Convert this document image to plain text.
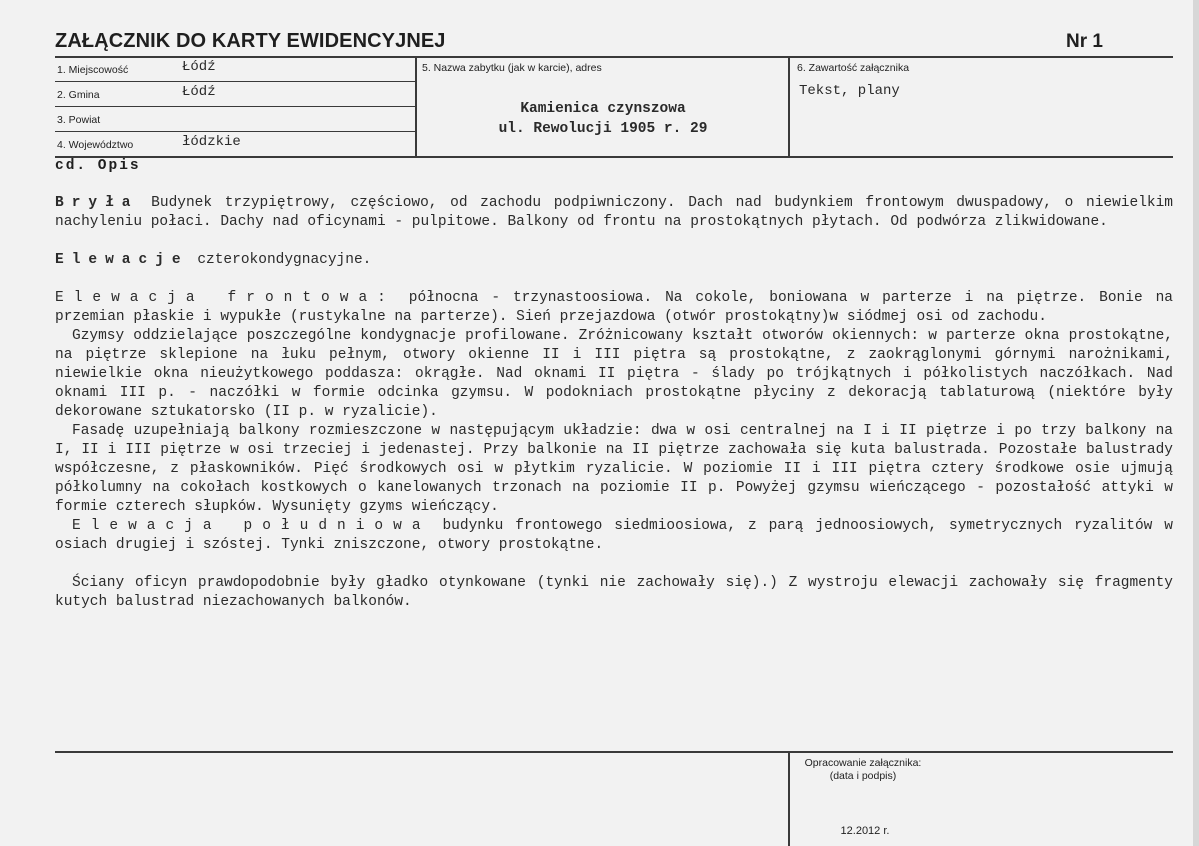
ZAŁĄCZNIK DO KARTY EWIDENCYJNEJ	Nr 1
1. Miejscowość	Łódź
2. Gmina	Łódź
3. Powiat
4. Województwo	łódzkie
5. Nazwa zabytku (jak w karcie), adres
Kamienica czynszowa
ul. Rewolucji 1905 r. 29
6. Zawartość załącznika
Tekst, plany
cd. Opis

Bryła Budynek trzypiętrowy, częściowo, od zachodu podpiwniczony. Dach nad budynkiem frontowym dwuspadowy, o niewielkim nachyleniu połaci. Dachy nad oficynami - pulpitowe. Balkony od frontu na prostokątnych płytach. Od podwórza zlikwidowane.

Elewacje czterokondygnacyjne.

Elewacja frontowa: północna - trzynastoosiowa. Na cokole, boniowana w parterze i na piętrze. Bonie na przemian płaskie i wypukłe (rustykalne na parterze). Sień przejazdowa (otwór prostokątny)w siódmej osi od zachodu.

Gzymsy oddzielające poszczególne kondygnacje profilowane. Zróżnicowany kształt otworów okiennych: w parterze okna prostokątne, na piętrze sklepione na łuku pełnym, otwory okienne II i III piętra są prostokątne, z zaokrąglonymi górnymi narożnikami, niewielkie okna nieużytkowego poddasza: okrągłe. Nad oknami II piętra - ślady po trójkątnych i półkolistych naczółkach. Nad oknami III p. - naczółki w formie odcinka gzymsu. W podokniach prostokątne płyciny z dekoracją tablaturową (niektóre były dekorowane sztukatorsko (II p. w ryzalicie).

Fasadę uzupełniają balkony rozmieszczone w następującym układzie: dwa w osi centralnej na I i II piętrze i po trzy balkony na I, II i III piętrze w osi trzeciej i jedenastej. Przy balkonie na II piętrze zachowała się kuta balustrada. Pozostałe balustrady współczesne, z płaskowników. Pięć środkowych osi w płytkim ryzalicie. W poziomie II i III piętra cztery środkowe osie ujmują półkolumny na cokołach kostkowych o kanelowanych trzonach na poziomie II p. Powyżej gzymsu wieńczącego - pozostałość attyki w formie czterech słupków. Wysunięty gzyms wieńczący.

Elewacja południowa budynku frontowego siedmioosiowa, z parą jednoosiowych, symetrycznych ryzalitów w osiach drugiej i szóstej. Tynki zniszczone, otwory prostokątne.

Ściany oficyn prawdopodobnie były gładko otynkowane (tynki nie zachowały się).) Z wystroju elewacji zachowały się fragmenty kutych balustrad niezachowanych balkonów.

Opracowanie załącznika:
(data i podpis)
12.2012 r.
